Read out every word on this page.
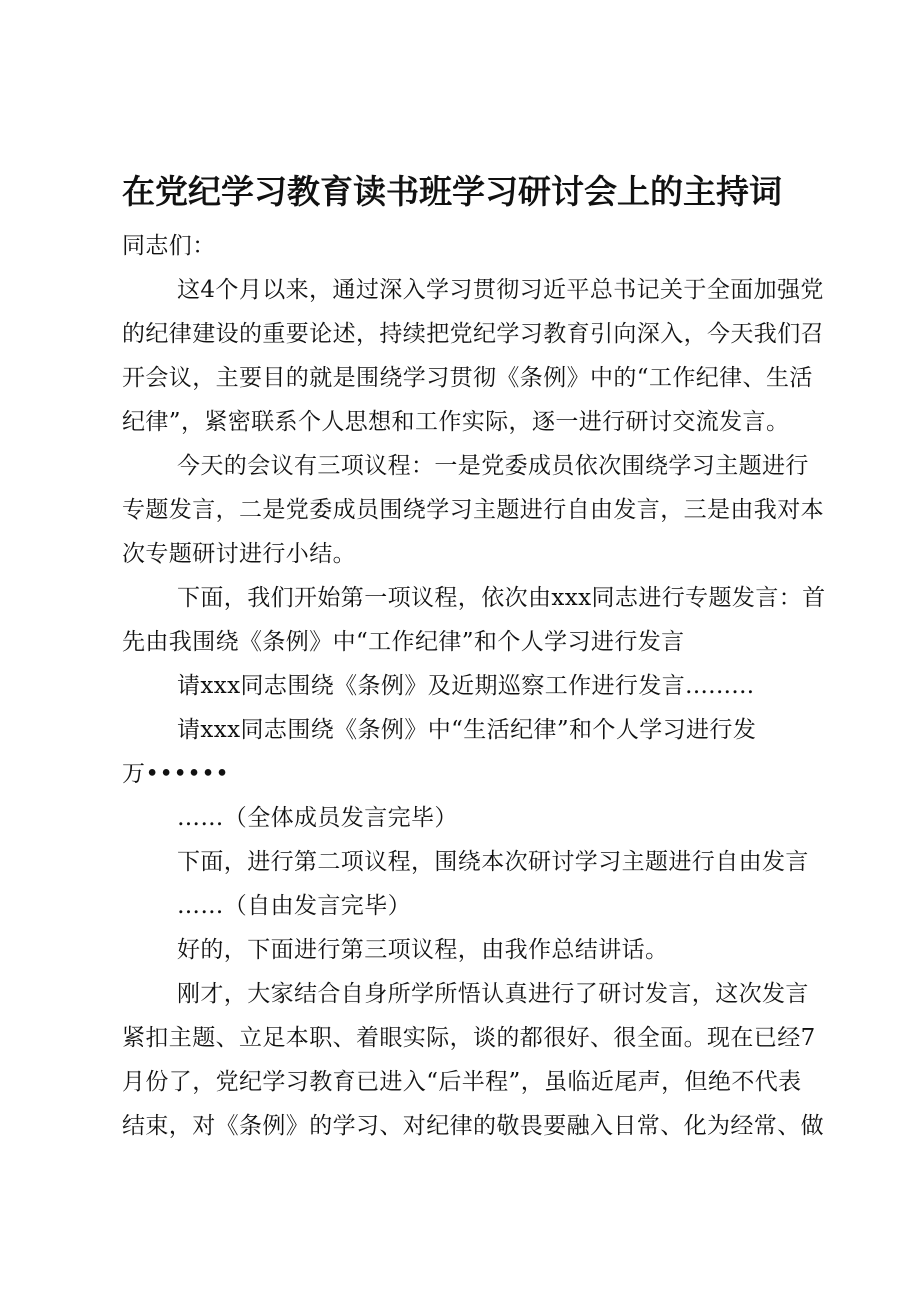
在党纪学习教育读书班学习研讨会上的主持词
同志们：
这4个月以来，通过深入学习贯彻习近平总书记关于全面加强党
的纪律建设的重要论述，持续把党纪学习教育引向深入，今天我们召
开会议，主要目的就是围绕学习贯彻《条例》中的“工作纪律、生活
纪律”，紧密联系个人思想和工作实际，逐一进行研讨交流发言。
今天的会议有三项议程：一是党委成员依次围绕学习主题进行
专题发言，二是党委成员围绕学习主题进行自由发言，三是由我对本
次专题研讨进行小结。
下面，我们开始第一项议程，依次由xxx同志进行专题发言：首
先由我围绕《条例》中“工作纪律”和个人学习进行发言
请xxx同志围绕《条例》及近期巡察工作进行发言.........
请xxx同志围绕《条例》中“生活纪律”和个人学习进行发
万••••••
……（全体成员发言完毕）
下面，进行第二项议程，围绕本次研讨学习主题进行自由发言
……（自由发言完毕）
好的，下面进行第三项议程，由我作总结讲话。
刚才，大家结合自身所学所悟认真进行了研讨发言，这次发言
紧扣主题、立足本职、着眼实际，谈的都很好、很全面。现在已经7
月份了，党纪学习教育已进入“后半程”，虽临近尾声，但绝不代表
结束，对《条例》的学习、对纪律的敬畏要融入日常、化为经常、做
